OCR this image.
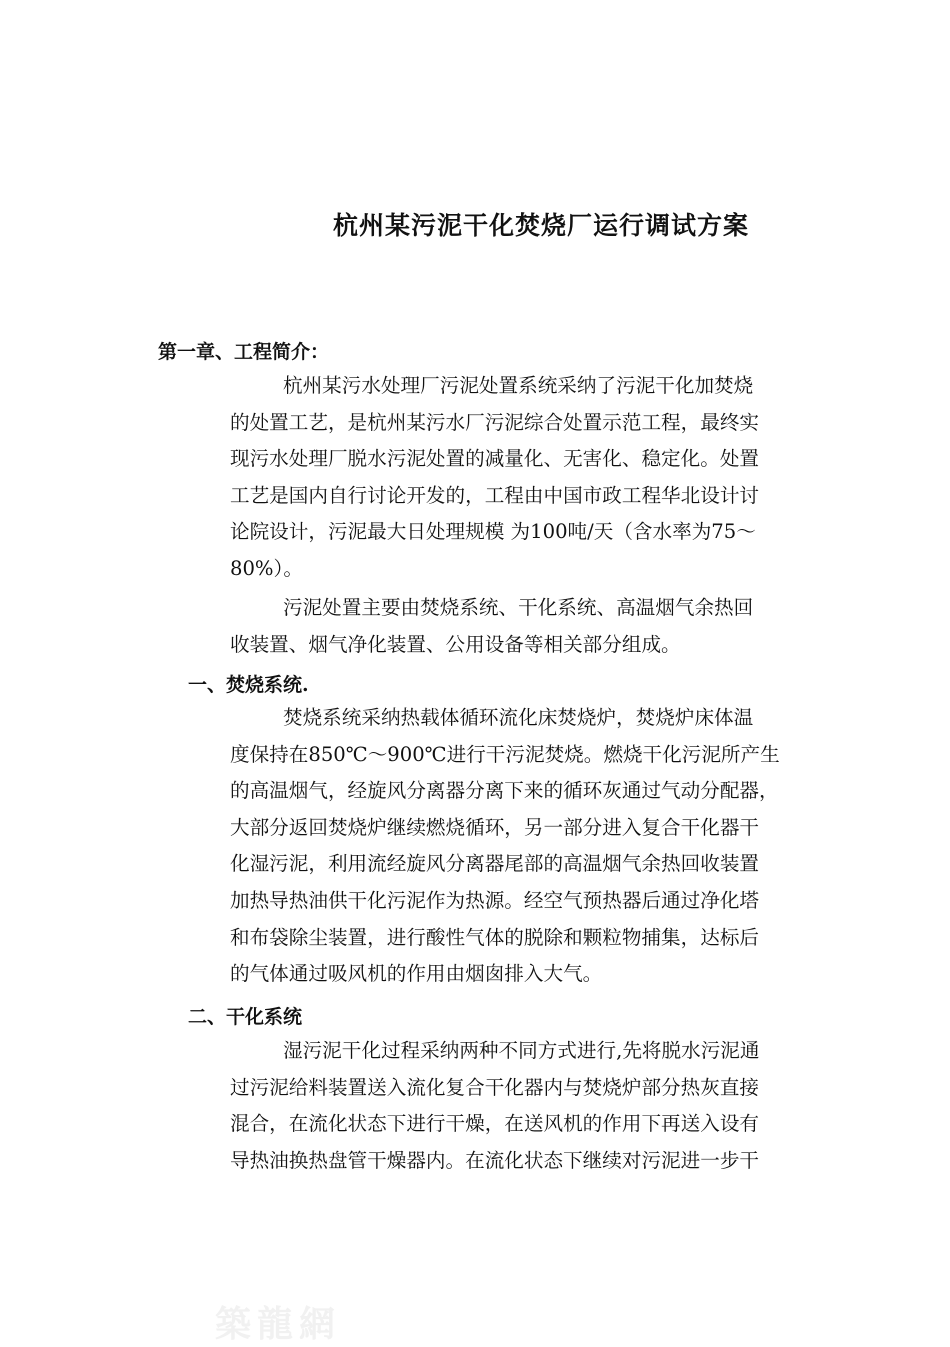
杭州某污泥干化焚烧厂运行调试方案
第一章、工程简介：
杭州某污水处理厂污泥处置系统采纳了污泥干化加焚烧
的处置工艺，是杭州某污水厂污泥综合处置示范工程，最终实
现污水处理厂脱水污泥处置的减量化、无害化、稳定化。处置
工艺是国内自行讨论开发的，工程由中国市政工程华北设计讨
论院设计，污泥最大日处理规模 为100吨/天（含水率为75～
80%）。
污泥处置主要由焚烧系统、干化系统、高温烟气余热回
收装置、烟气净化装置、公用设备等相关部分组成。
一、焚烧系统.
焚烧系统采纳热载体循环流化床焚烧炉，焚烧炉床体温
度保持在850℃～900℃进行干污泥焚烧。燃烧干化污泥所产生
的高温烟气，经旋风分离器分离下来的循环灰通过气动分配器，
大部分返回焚烧炉继续燃烧循环，另一部分进入复合干化器干
化湿污泥，利用流经旋风分离器尾部的高温烟气余热回收装置
加热导热油供干化污泥作为热源。经空气预热器后通过净化塔
和布袋除尘装置，进行酸性气体的脱除和颗粒物捕集，达标后
的气体通过吸风机的作用由烟囱排入大气。
二、干化系统
湿污泥干化过程采纳两种不同方式进行,先将脱水污泥通
过污泥给料装置送入流化复合干化器内与焚烧炉部分热灰直接
混合，在流化状态下进行干燥，在送风机的作用下再送入设有
导热油换热盘管干燥器内。在流化状态下继续对污泥进一步干
築龍網
